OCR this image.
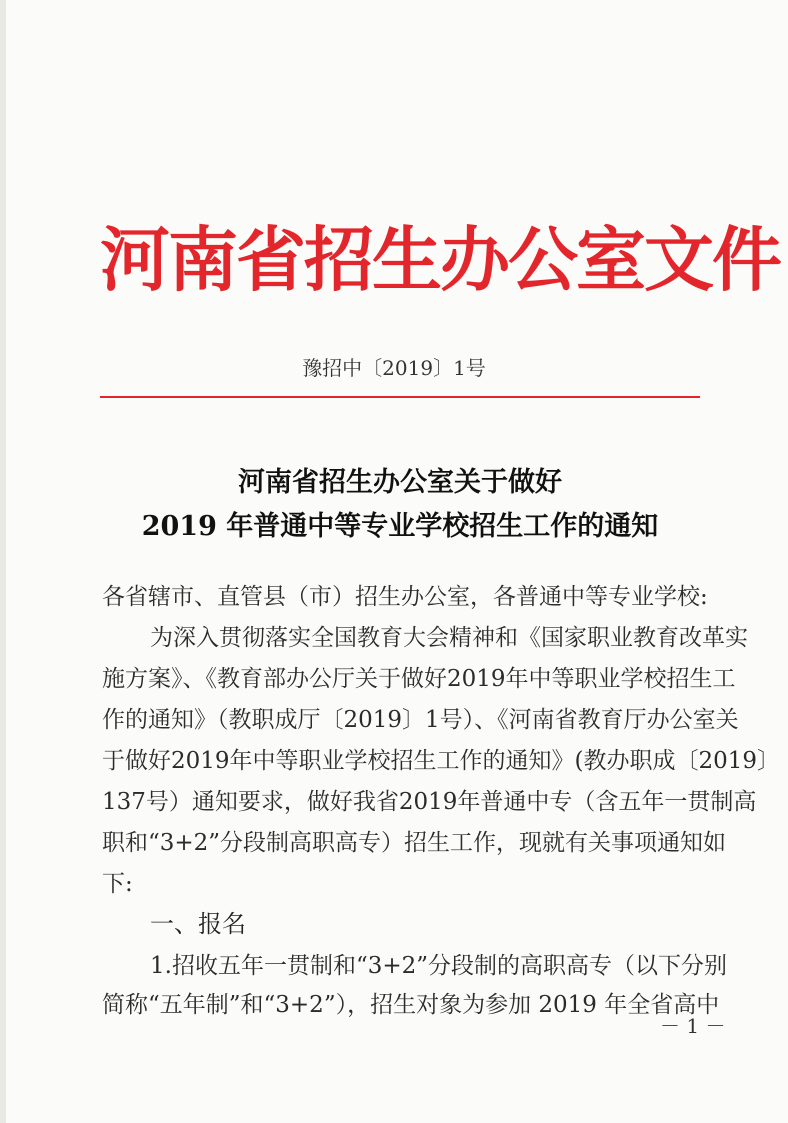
河南省招生办公室文件
豫招中〔2019〕1号
河南省招生办公室关于做好
2019 年普通中等专业学校招生工作的通知
各省辖市、直管县（市）招生办公室，各普通中等专业学校:
为深入贯彻落实全国教育大会精神和《国家职业教育改革实
施方案》、《教育部办公厅关于做好2019年中等职业学校招生工
作的通知》（教职成厅〔2019〕1号）、《河南省教育厅办公室关
于做好2019年中等职业学校招生工作的通知》(教办职成〔2019〕
137号）通知要求，做好我省2019年普通中专（含五年一贯制高
职和“3+2”分段制高职高专）招生工作，现就有关事项通知如
下:
一、报名
1.招收五年一贯制和“3+2”分段制的高职高专（以下分别
简称“五年制”和“3+2”），招生对象为参加 2019 年全省高中
－ 1 －
